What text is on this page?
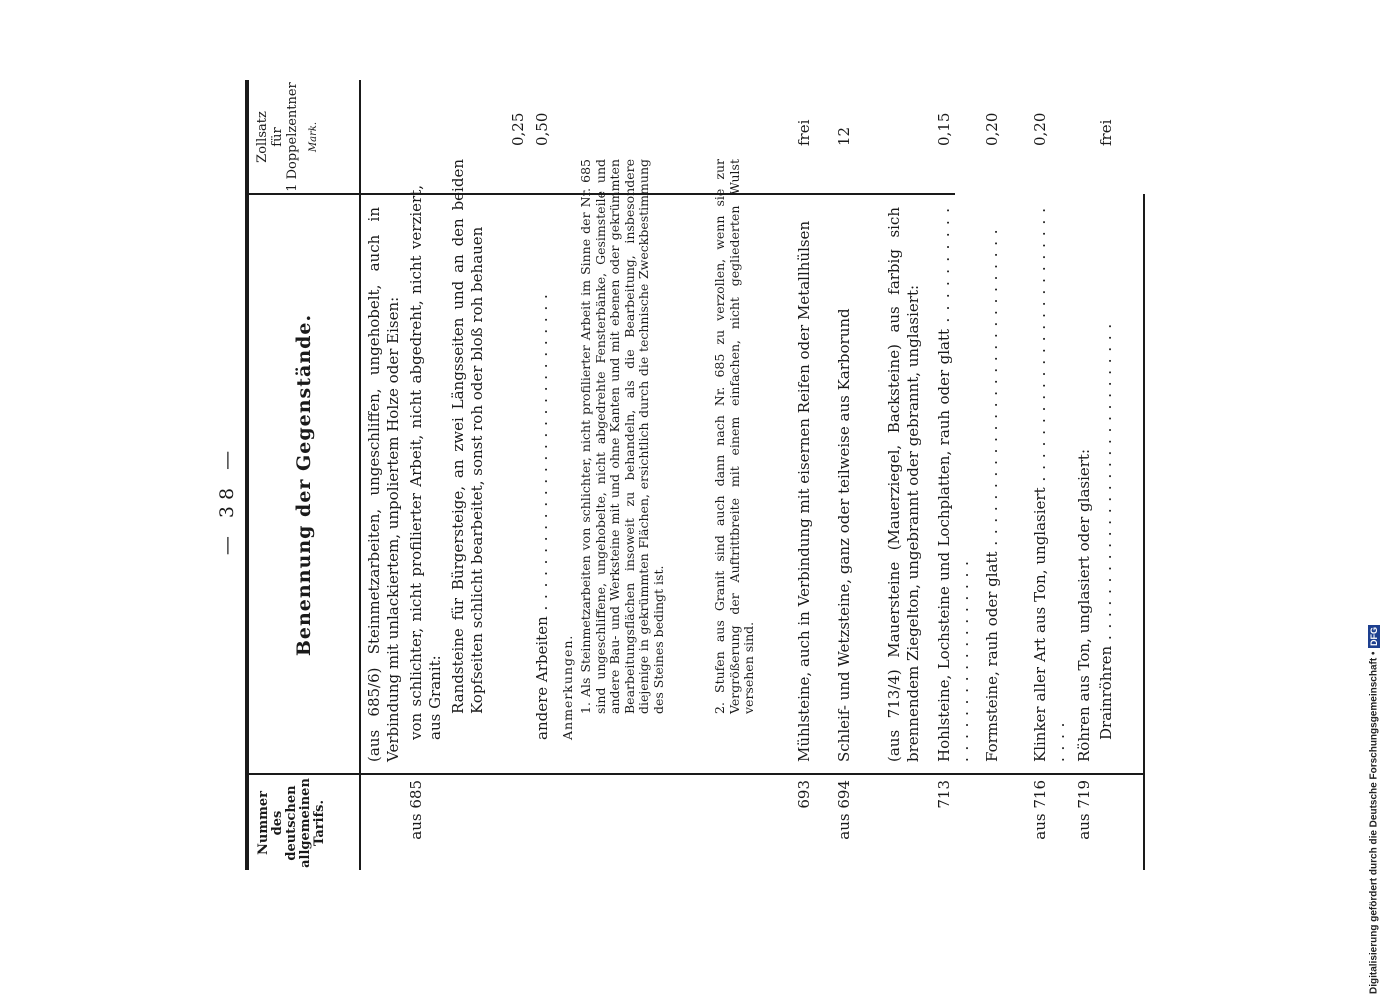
— 38 —
Nummer
des
deutschen
allgemeinen
Tarifs.
Benennung der Gegenstände.
Zollsatz
für
1 Doppelzentner Mark.
(aus 685/6) Steinmetzarbeiten, ungeschliffen, ungehobelt, auch in Verbindung mit unlackiertem, unpoliertem Holze oder Eisen:
aus 685
von schlichter, nicht profilierter Arbeit, nicht abgedreht, nicht verziert, aus Granit: Randsteine für Bürgersteige, an zwei Längsseiten und an den beiden Kopfseiten schlicht bearbeitet, sonst roh oder bloß roh behauen
0,25
andere Arbeiten . . .
0,50
Anmerkungen. 1. Als Steinmetzarbeiten von schlichter, nicht profilierter Arbeit im Sinne der Nr. 685 sind ungeschliffene, ungehobelte, nicht abgedrehte Fensterbänke, Gesimsteile und andere Bau- und Werksteine mit und ohne Kanten und mit ebenen oder gekrümmten Bearbeitungsflächen insoweit zu behandeln, als die Bearbeitung, insbesondere diejenige in gekrümmten Flächen, ersichtlich durch die technische Zweckbestimmung des Steines bedingt ist.	2. Stufen aus Granit sind auch dann nach Nr. 685 zu verzollen, wenn sie zur Vergrößerung der Auftrittbreite mit einem einfachen, nicht gegliederten Wulst versehen sind.
693
Mühlsteine, auch in Verbindung mit eisernen Reifen oder Metallhülsen
frei
aus 694
Schleif- und Wetzsteine, ganz oder teilweise aus Karborund
12
(aus 713/4) Mauersteine (Mauerziegel, Backsteine) aus farbig sich brennendem Ziegelton, ungebrannt oder gebrannt, unglasiert:
713
Hohlsteine, Lochsteine und Lochplatten, rauh oder glatt . . .
0,15
Formsteine, rauh oder glatt . . .
0,20
aus 716
Klinker aller Art aus Ton, unglasiert . . .
0,20
aus 719
Röhren aus Ton, unglasiert oder glasiert: Drainröhren . . .
frei
Digitalisierung gefördert durch die Deutsche Forschungsgemeinschaft •
DFG
